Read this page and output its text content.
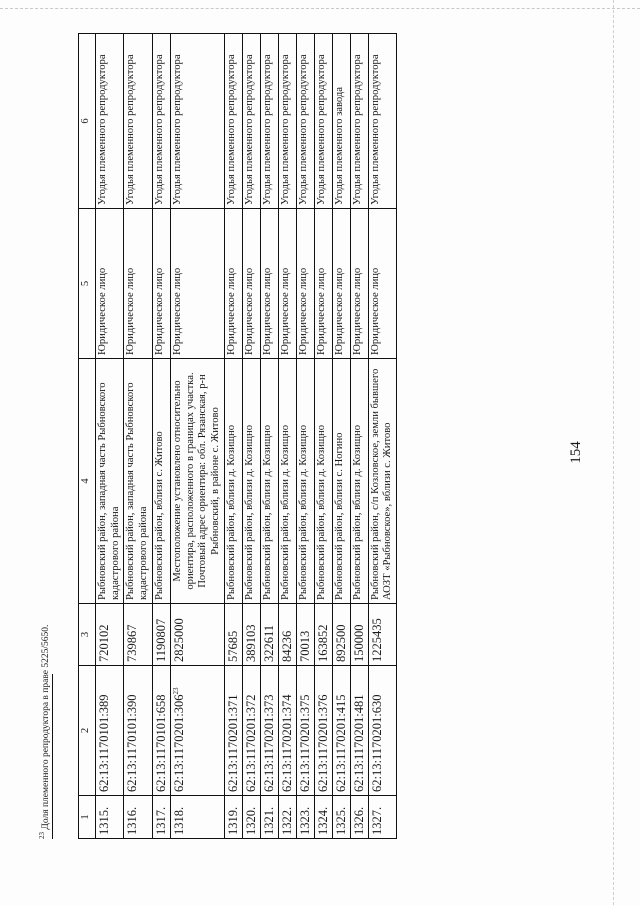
154
1	2	3	4	5	6
1315.	62:13:1170101:389	720102	Рыбновский район, западная часть Рыбновского кадастрового района	Юридическое лицо	Угодья племенного репродуктора
1316.	62:13:1170101:390	739867	Рыбновский район, западная часть Рыбновского кадастрового района	Юридическое лицо	Угодья племенного репродуктора
1317.	62:13:1170101:658	1190807	Рыбновский район, вблизи с. Житово	Юридическое лицо	Угодья племенного репродуктора
1318.	$62:13:1170201:306^{23}$	2825000	Местоположение установлено относительно ориентира, расположенного в границах участка. Почтовый адрес ориентира: обл. Рязанская, р-н Рыбновский, в районе с. Житово	Юридическое лицо	Угодья племенного репродуктора
1319.	62:13:1170201:371	57685	Рыбновский район, вблизи д. Козищно	Юридическое лицо	Угодья племенного репродуктора
1320.	62:13:1170201:372	389103	Рыбновский район, вблизи д. Козищно	Юридическое лицо	Угодья племенного репродуктора
1321.	62:13:1170201:373	322611	Рыбновский район, вблизи д. Козищно	Юридическое лицо	Угодья племенного репродуктора
1322.	62:13:1170201:374	84236	Рыбновский район, вблизи д. Козищно	Юридическое лицо	Угодья племенного репродуктора
1323.	62:13:1170201:375	70013	Рыбновский район, вблизи д. Козищно	Юридическое лицо	Угодья племенного репродуктора
1324.	62:13:1170201:376	163852	Рыбновский район, вблизи д. Козищно	Юридическое лицо	Угодья племенного репродуктора
1325.	62:13:1170201:415	892500	Рыбновский район, вблизи с. Ногино	Юридическое лицо	Угодья племенного завода
1326.	62:13:1170201:481	150000	Рыбновский район, вблизи д. Козищно	Юридическое лицо	Угодья племенного репродуктора
1327.	62:13:1170201:630	1225435	Рыбновский район, с/п Козловское, земли бывшего АОЗТ «Рыбновское», вблизи с. Житово	Юридическое лицо	Угодья племенного репродуктора
$^{23}$ Доля племенного репродуктора в праве 5225/5650.
